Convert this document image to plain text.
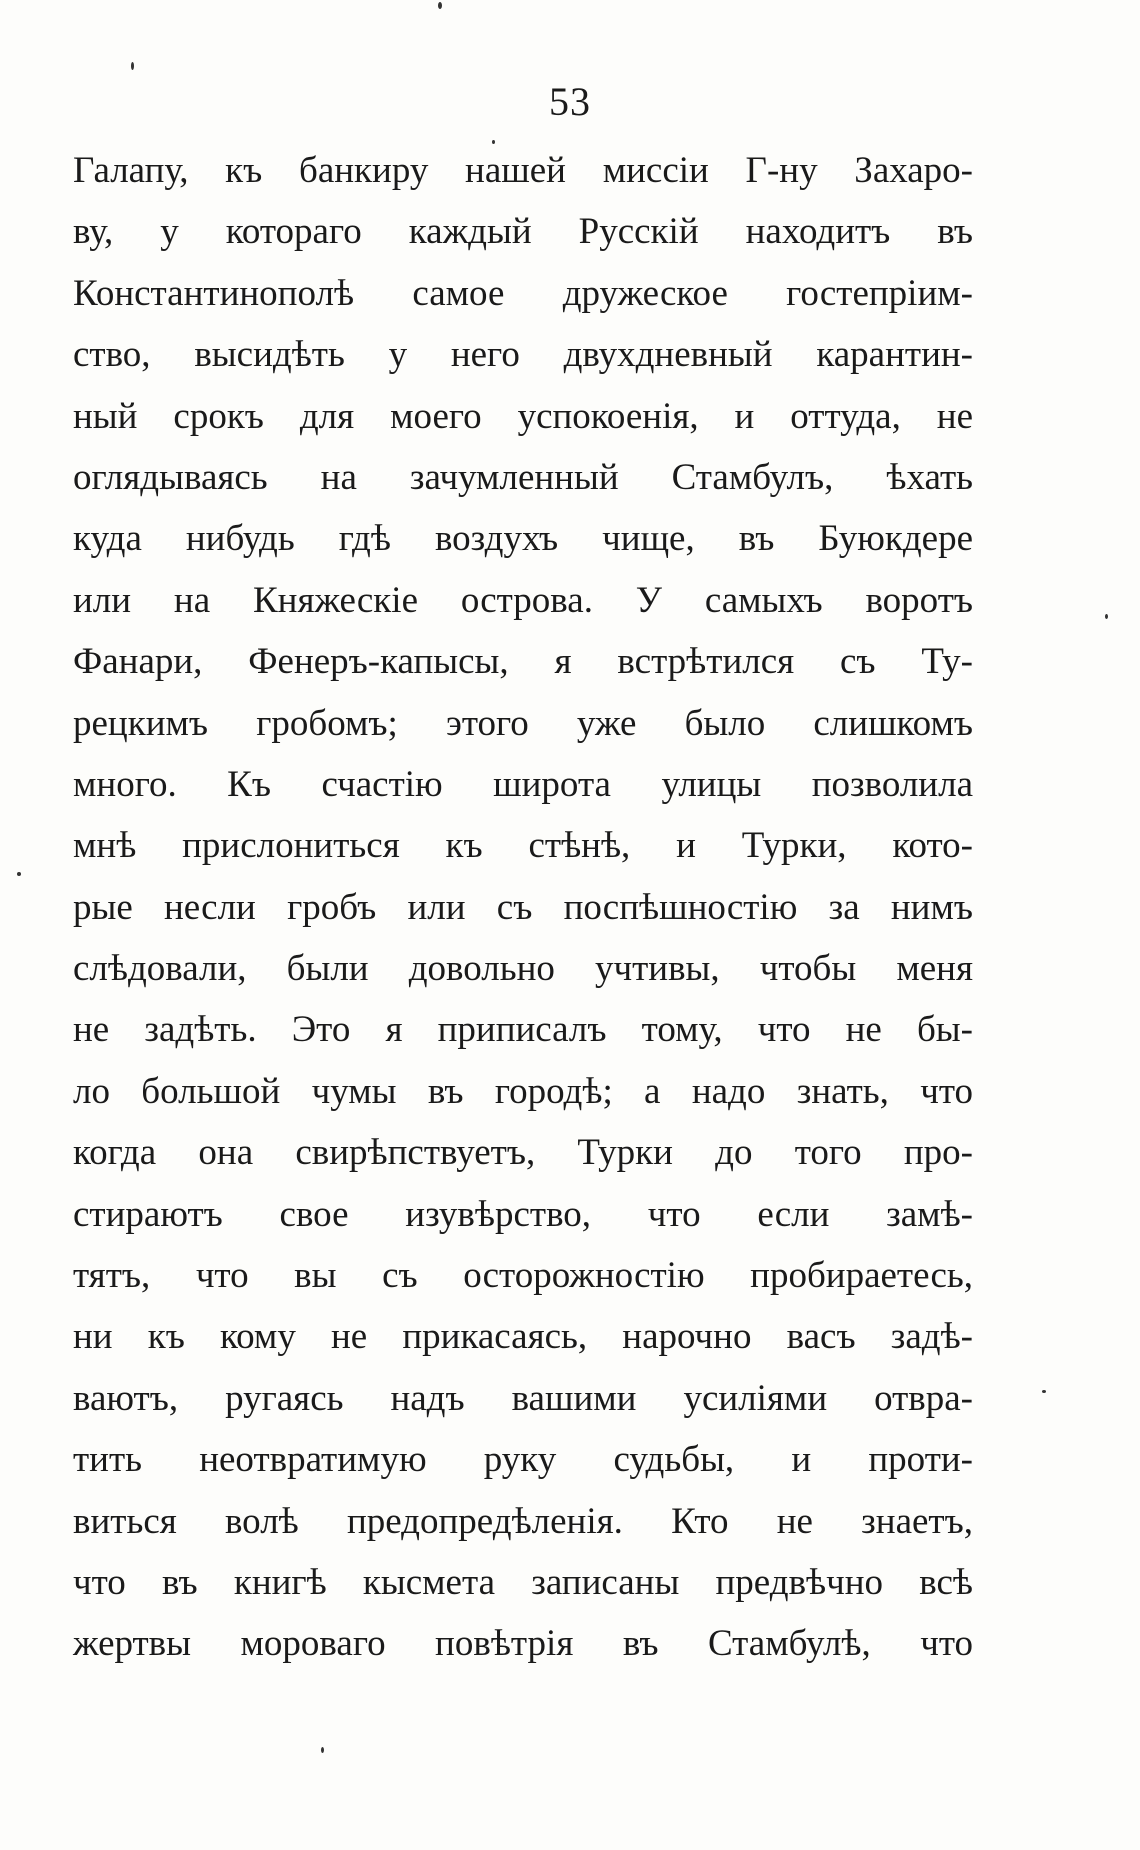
53
Галапу, къ банкиру нашей миссіи Г-ну Захаро-
ву, у котораго каждый Русскій находитъ въ
Константинополѣ самое дружеское гостепріим-
ство, высидѣть у него двухдневный карантин-
ный срокъ для моего успокоенія, и оттуда, не
оглядываясь на зачумленный Стамбулъ, ѣхать
куда нибудь гдѣ воздухъ чище, въ Буюкдере
или на Княжескіе острова. У самыхъ воротъ
Фанари, Фенеръ-капысы, я встрѣтился съ Ту-
рецкимъ гробомъ; этого уже было слишкомъ
много. Къ счастію широта улицы позволила
мнѣ прислониться къ стѣнѣ, и Турки, кото-
рые несли гробъ или съ поспѣшностію за нимъ
слѣдовали, были довольно учтивы, чтобы меня
не задѣть. Это я приписалъ тому, что не бы-
ло большой чумы въ городѣ; а надо знать, что
когда она свирѣпствуетъ, Турки до того про-
стираютъ свое изувѣрство, что если замѣ-
тятъ, что вы съ осторожностію пробираетесь,
ни къ кому не прикасаясь, нарочно васъ задѣ-
ваютъ, ругаясь надъ вашими усиліями отвра-
тить неотвратимую руку судьбы, и проти-
виться волѣ предопредѣленія. Кто не знаетъ,
что въ книгѣ кысмета записаны предвѣчно всѣ
жертвы мороваго повѣтрія въ Стамбулѣ, что
